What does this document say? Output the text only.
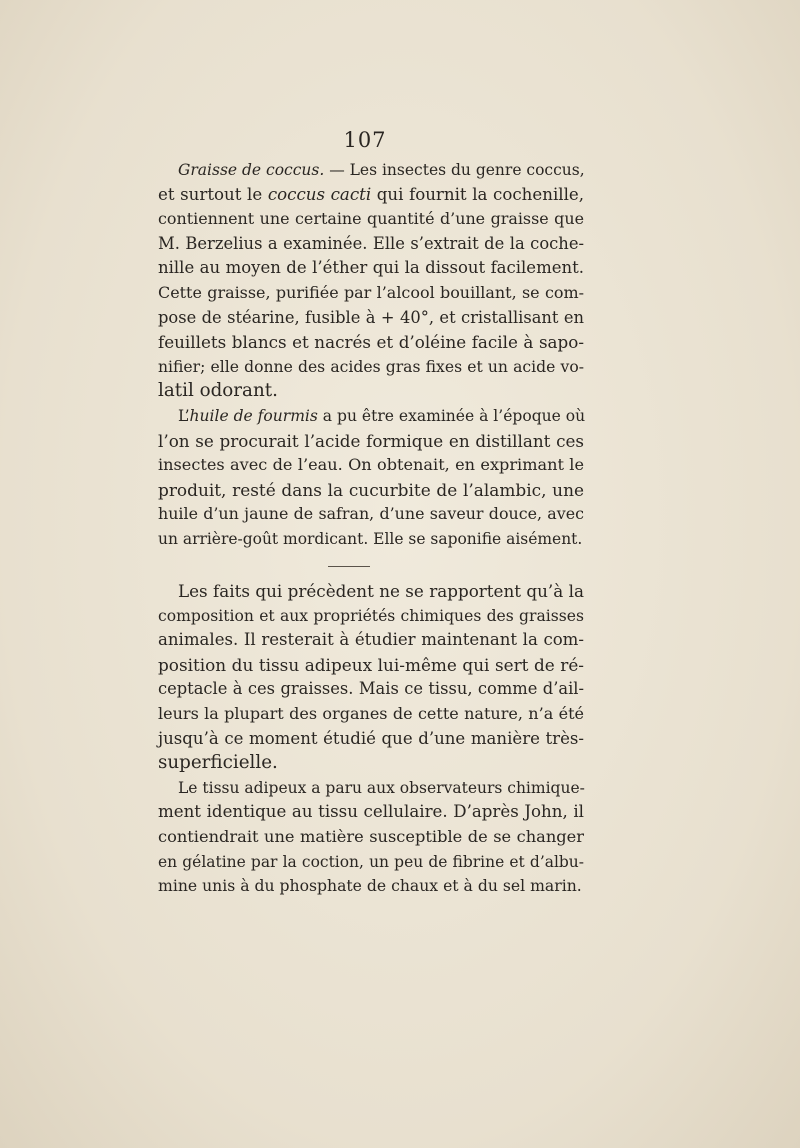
107
Graisse de coccus. — Les insectes du genre coccus,
et surtout le coccus cacti qui fournit la cochenille,
contiennent une certaine quantité d’une graisse que
M. Berzelius a examinée. Elle s’extrait de la coche-
nille au moyen de l’éther qui la dissout facilement.
Cette graisse, purifiée par l’alcool bouillant, se com-
pose de stéarine, fusible à + 40°, et cristallisant en
feuillets blancs et nacrés et d’oléine facile à sapo-
nifier; elle donne des acides gras fixes et un acide vo-
latil odorant.
L’huile de fourmis a pu être examinée à l’époque où
l’on se procurait l’acide formique en distillant ces
insectes avec de l’eau. On obtenait, en exprimant le
produit, resté dans la cucurbite de l’alambic, une
huile d’un jaune de safran, d’une saveur douce, avec
un arrière-goût mordicant. Elle se saponifie aisément.
Les faits qui précèdent ne se rapportent qu’à la
composition et aux propriétés chimiques des graisses
animales. Il resterait à étudier maintenant la com-
position du tissu adipeux lui-même qui sert de ré-
ceptacle à ces graisses. Mais ce tissu, comme d’ail-
leurs la plupart des organes de cette nature, n’a été
jusqu’à ce moment étudié que d’une manière très-
superficielle.
Le tissu adipeux a paru aux observateurs chimique-
ment identique au tissu cellulaire. D’après John, il
contiendrait une matière susceptible de se changer
en gélatine par la coction, un peu de fibrine et d’albu-
mine unis à du phosphate de chaux et à du sel marin.
